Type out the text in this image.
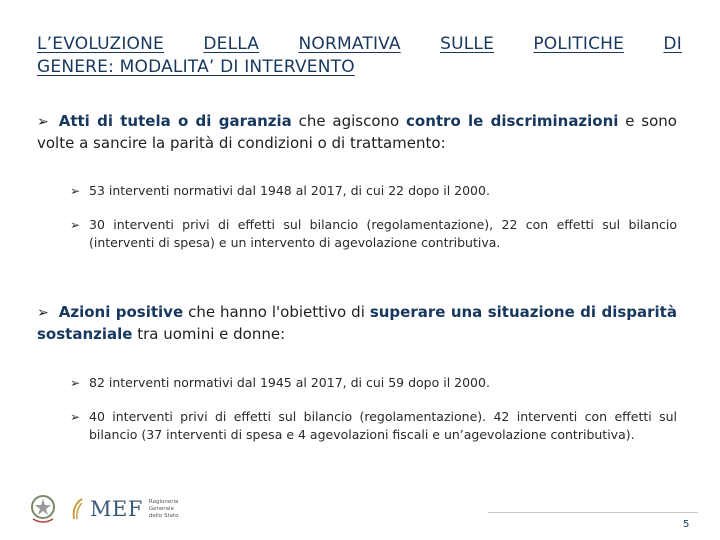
L’EVOLUZIONE DELLA NORMATIVA SULLE POLITICHE DI
GENERE: MODALITA’ DI INTERVENTO
➢ Atti di tutela o di garanzia che agiscono contro le discriminazioni e sono volte a sancire la parità di condizioni o di trattamento:
➢ 53 interventi normativi dal 1948 al 2017, di cui 22 dopo il 2000.
➢ 30 interventi privi di effetti sul bilancio (regolamentazione), 22 con effetti sul bilancio (interventi di spesa) e un intervento di agevolazione contributiva.
➢ Azioni positive che hanno l'obiettivo di superare una situazione di disparità sostanziale tra uomini e donne:
➢ 82 interventi normativi dal 1945 al 2017, di cui 59 dopo il 2000.
➢ 40 interventi privi di effetti sul bilancio (regolamentazione). 42 interventi con effetti sul bilancio (37 interventi di spesa e 4 agevolazioni fiscali e un’agevolazione contributiva).
MEF Ragioneria
Generale
dello Stato
5
